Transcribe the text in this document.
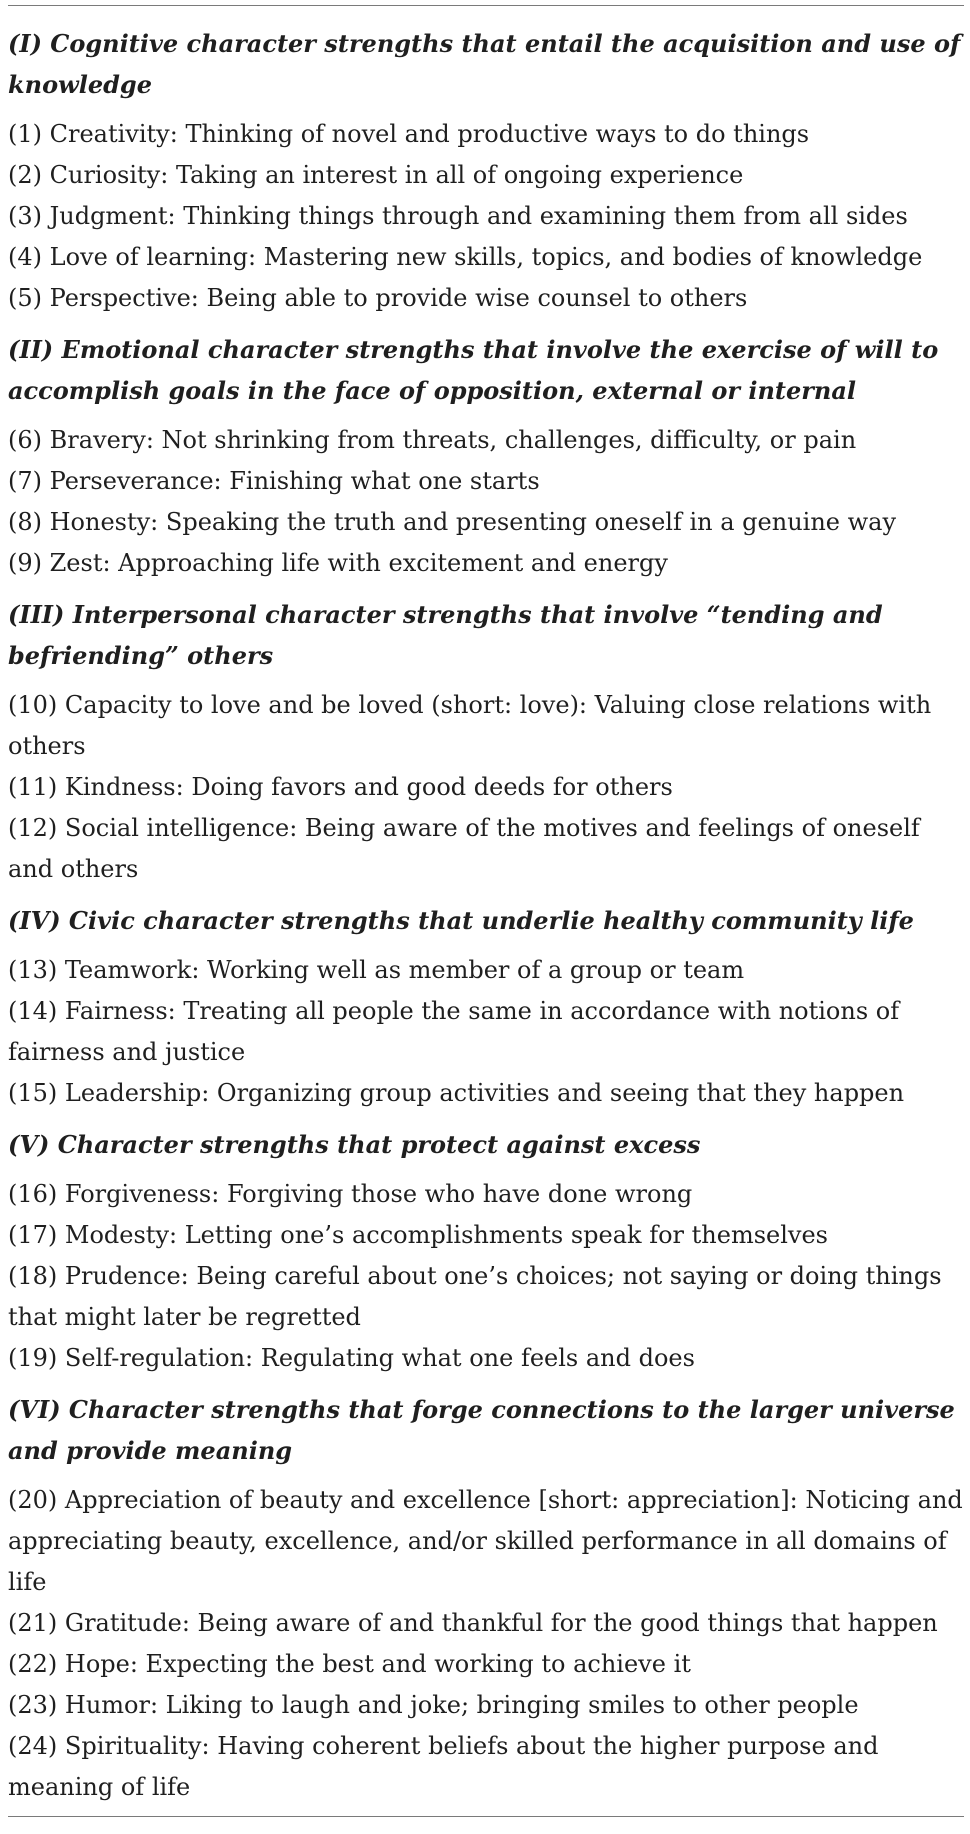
(I) Cognitive character strengths that entail the acquisition and use of knowledge
(1) Creativity: Thinking of novel and productive ways to do things
(2) Curiosity: Taking an interest in all of ongoing experience
(3) Judgment: Thinking things through and examining them from all sides
(4) Love of learning: Mastering new skills, topics, and bodies of knowledge
(5) Perspective: Being able to provide wise counsel to others
(II) Emotional character strengths that involve the exercise of will to accomplish goals in the face of opposition, external or internal
(6) Bravery: Not shrinking from threats, challenges, difficulty, or pain
(7) Perseverance: Finishing what one starts
(8) Honesty: Speaking the truth and presenting oneself in a genuine way
(9) Zest: Approaching life with excitement and energy
(III) Interpersonal character strengths that involve “tending and befriending” others
(10) Capacity to love and be loved (short: love): Valuing close relations with others
(11) Kindness: Doing favors and good deeds for others
(12) Social intelligence: Being aware of the motives and feelings of oneself and others
(IV) Civic character strengths that underlie healthy community life
(13) Teamwork: Working well as member of a group or team
(14) Fairness: Treating all people the same in accordance with notions of fairness and justice
(15) Leadership: Organizing group activities and seeing that they happen
(V) Character strengths that protect against excess
(16) Forgiveness: Forgiving those who have done wrong
(17) Modesty: Letting one’s accomplishments speak for themselves
(18) Prudence: Being careful about one’s choices; not saying or doing things that might later be regretted
(19) Self-regulation: Regulating what one feels and does
(VI) Character strengths that forge connections to the larger universe and provide meaning
(20) Appreciation of beauty and excellence [short: appreciation]: Noticing and appreciating beauty, excellence, and/or skilled performance in all domains of life
(21) Gratitude: Being aware of and thankful for the good things that happen
(22) Hope: Expecting the best and working to achieve it
(23) Humor: Liking to laugh and joke; bringing smiles to other people
(24) Spirituality: Having coherent beliefs about the higher purpose and meaning of life
